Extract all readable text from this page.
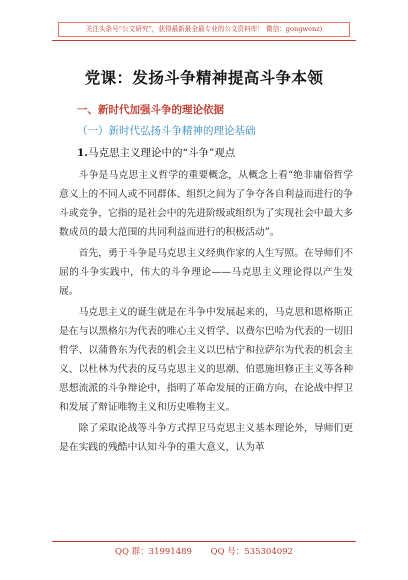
关注头条号“公文研究”，获得最新最全最专业的公文资料库！ 微信：gongwenz)
党课：发扬斗争精神提高斗争本领
一、新时代加强斗争的理论依据
（一）新时代弘扬斗争精神的理论基础
1.马克思主义理论中的“斗争”观点

斗争是马克思主义哲学的重要概念，从概念上看“绝非庸俗哲学意义上的不同人或不同群体、组织之间为了争夺各自利益而进行的争斗或竞争，它指的是社会中的先进阶级或组织为了实现社会中最大多数成员的最大范围的共同利益而进行的积极活动”。

首先，勇于斗争是马克思主义经典作家的人生写照。在导师们不屈的斗争实践中，伟大的斗争理论——马克思主义理论得以产生发展。

马克思主义的诞生就是在斗争中发展起来的，马克思和恩格斯正是在与以黑格尔为代表的唯心主义哲学、以费尔巴哈为代表的一切旧哲学、以蒲鲁东为代表的机会主义以巴枯宁和拉萨尔为代表的机会主义、以杜林为代表的反马克思主义的思潮、伯恩施坦修正主义等各种思想流派的斗争辩论中，指明了革命发展的正确方向，在论战中捍卫和发展了辩证唯物主义和历史唯物主义。

除了采取论战等斗争方式捍卫马克思主义基本理论外，导师们更是在实践的残酷中认知斗争的重大意义，认为革

QQ 群：31991489 QQ 号：535304092
